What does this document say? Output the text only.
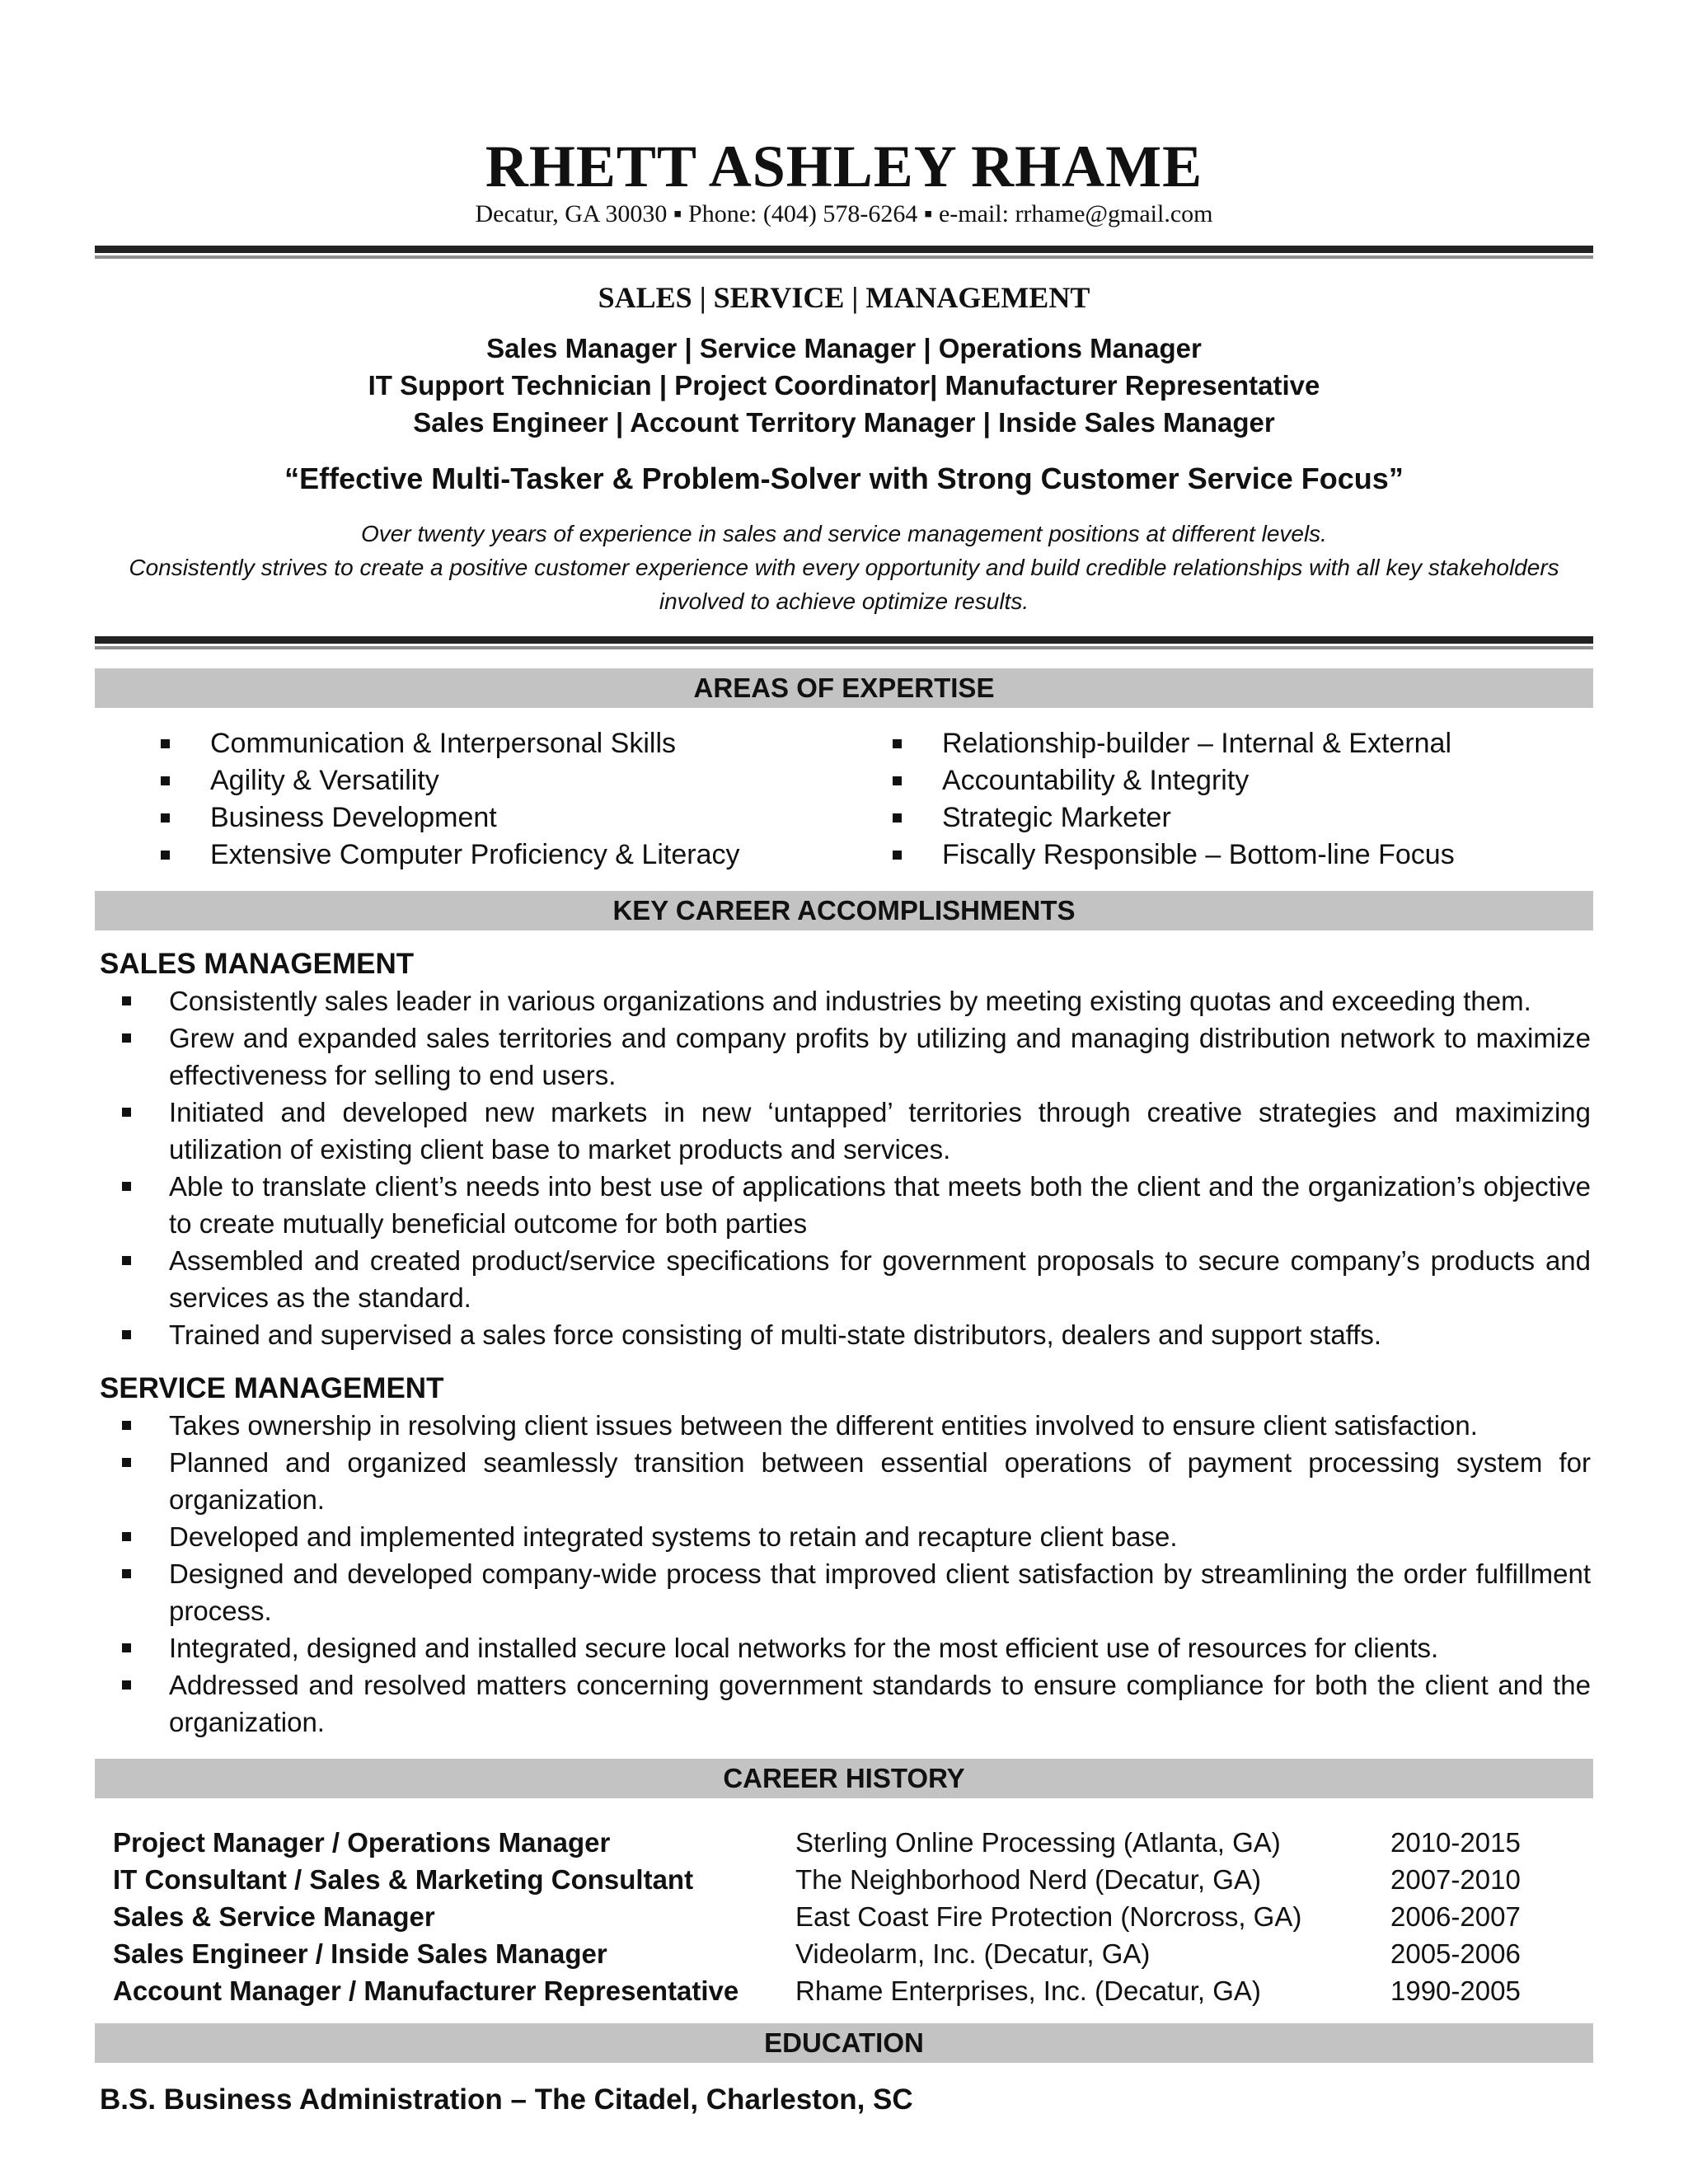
RHETT ASHLEY RHAME
Decatur, GA 30030 ▪ Phone: (404) 578-6264 ▪ e-mail: rrhame@gmail.com
SALES | SERVICE | MANAGEMENT
Sales Manager | Service Manager | Operations Manager
IT Support Technician | Project Coordinator| Manufacturer Representative
Sales Engineer | Account Territory Manager | Inside Sales Manager
“Effective Multi-Tasker & Problem-Solver with Strong Customer Service Focus”
Over twenty years of experience in sales and service management positions at different levels.
Consistently strives to create a positive customer experience with every opportunity and build credible relationships with all key stakeholders involved to achieve optimize results.
AREAS OF EXPERTISE
Communication & Interpersonal Skills
Agility & Versatility
Business Development
Extensive Computer Proficiency & Literacy
Relationship-builder – Internal & External
Accountability & Integrity
Strategic Marketer
Fiscally Responsible – Bottom-line Focus
KEY CAREER ACCOMPLISHMENTS
SALES MANAGEMENT
Consistently sales leader in various organizations and industries by meeting existing quotas and exceeding them.
Grew and expanded sales territories and company profits by utilizing and managing distribution network to maximize effectiveness for selling to end users.
Initiated and developed new markets in new ‘untapped’ territories through creative strategies and maximizing utilization of existing client base to market products and services.
Able to translate client’s needs into best use of applications that meets both the client and the organization’s objective to create mutually beneficial outcome for both parties
Assembled and created product/service specifications for government proposals to secure company’s products and services as the standard.
Trained and supervised a sales force consisting of multi-state distributors, dealers and support staffs.
SERVICE MANAGEMENT
Takes ownership in resolving client issues between the different entities involved to ensure client satisfaction.
Planned and organized seamlessly transition between essential operations of payment processing system for organization.
Developed and implemented integrated systems to retain and recapture client base.
Designed and developed company-wide process that improved client satisfaction by streamlining the order fulfillment process.
Integrated, designed and installed secure local networks for the most efficient use of resources for clients.
Addressed and resolved matters concerning government standards to ensure compliance for both the client and the organization.
CAREER HISTORY
Project Manager / Operations Manager	Sterling Online Processing (Atlanta, GA)	2010-2015
IT Consultant / Sales & Marketing Consultant	The Neighborhood Nerd (Decatur, GA)	2007-2010
Sales & Service Manager	East Coast Fire Protection (Norcross, GA)	2006-2007
Sales Engineer / Inside Sales Manager	Videolarm, Inc. (Decatur, GA)	2005-2006
Account Manager / Manufacturer Representative	Rhame Enterprises, Inc. (Decatur, GA)	1990-2005
EDUCATION
B.S. Business Administration – The Citadel, Charleston, SC
